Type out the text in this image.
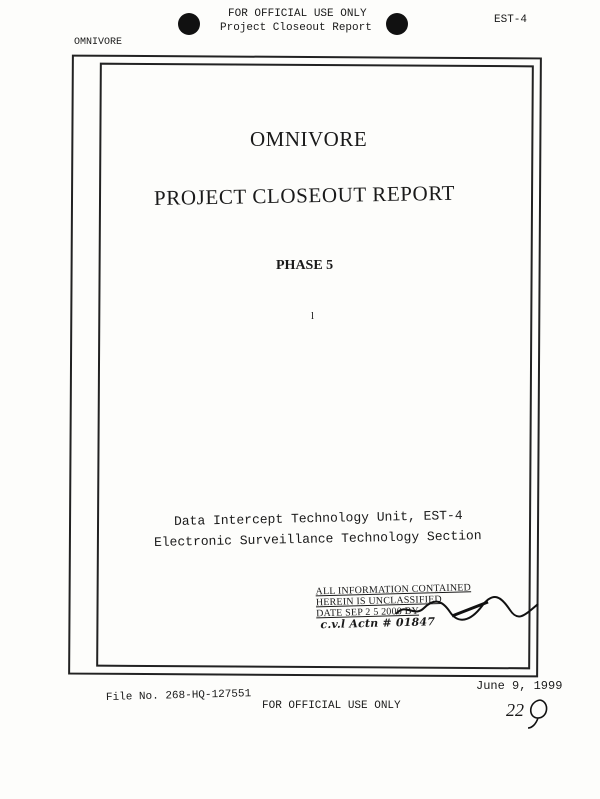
FOR OFFICIAL USE ONLY
Project Closeout Report
EST-4
OMNIVORE
OMNIVORE
PROJECT CLOSEOUT REPORT
PHASE 5
l
Data Intercept Technology Unit, EST-4
Electronic Surveillance Technology Section
ALL INFORMATION CONTAINED
HEREIN IS UNCLASSIFIED
DATE SEP 2 5 2000 BY
c.v.l Actn # 01847
File No. 268-HQ-127551
FOR OFFICIAL USE ONLY
June 9, 1999
22
